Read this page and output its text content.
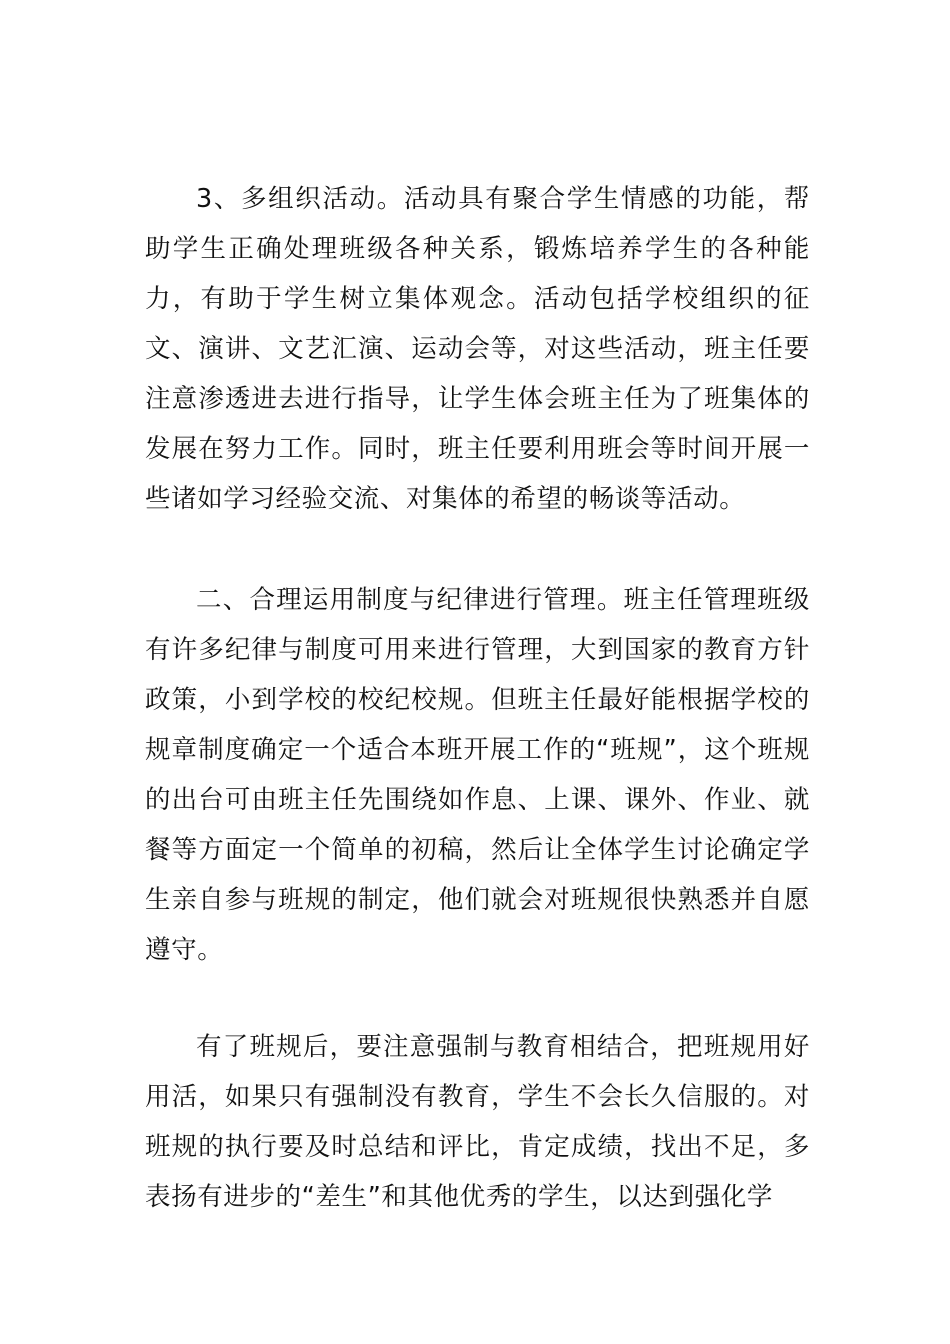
3、多组织活动。活动具有聚合学生情感的功能，帮助学生正确处理班级各种关系，锻炼培养学生的各种能力，有助于学生树立集体观念。活动包括学校组织的征文、演讲、文艺汇演、运动会等，对这些活动，班主任要注意渗透进去进行指导，让学生体会班主任为了班集体的发展在努力工作。同时，班主任要利用班会等时间开展一些诸如学习经验交流、对集体的希望的畅谈等活动。

二、合理运用制度与纪律进行管理。班主任管理班级有许多纪律与制度可用来进行管理，大到国家的教育方针政策，小到学校的校纪校规。但班主任最好能根据学校的规章制度确定一个适合本班开展工作的“班规”，这个班规的出台可由班主任先围绕如作息、上课、课外、作业、就餐等方面定一个简单的初稿，然后让全体学生讨论确定学生亲自参与班规的制定，他们就会对班规很快熟悉并自愿遵守。

有了班规后，要注意强制与教育相结合，把班规用好用活，如果只有强制没有教育，学生不会长久信服的。对班规的执行要及时总结和评比，肯定成绩，找出不足，多表扬有进步的“差生”和其他优秀的学生，以达到强化学
